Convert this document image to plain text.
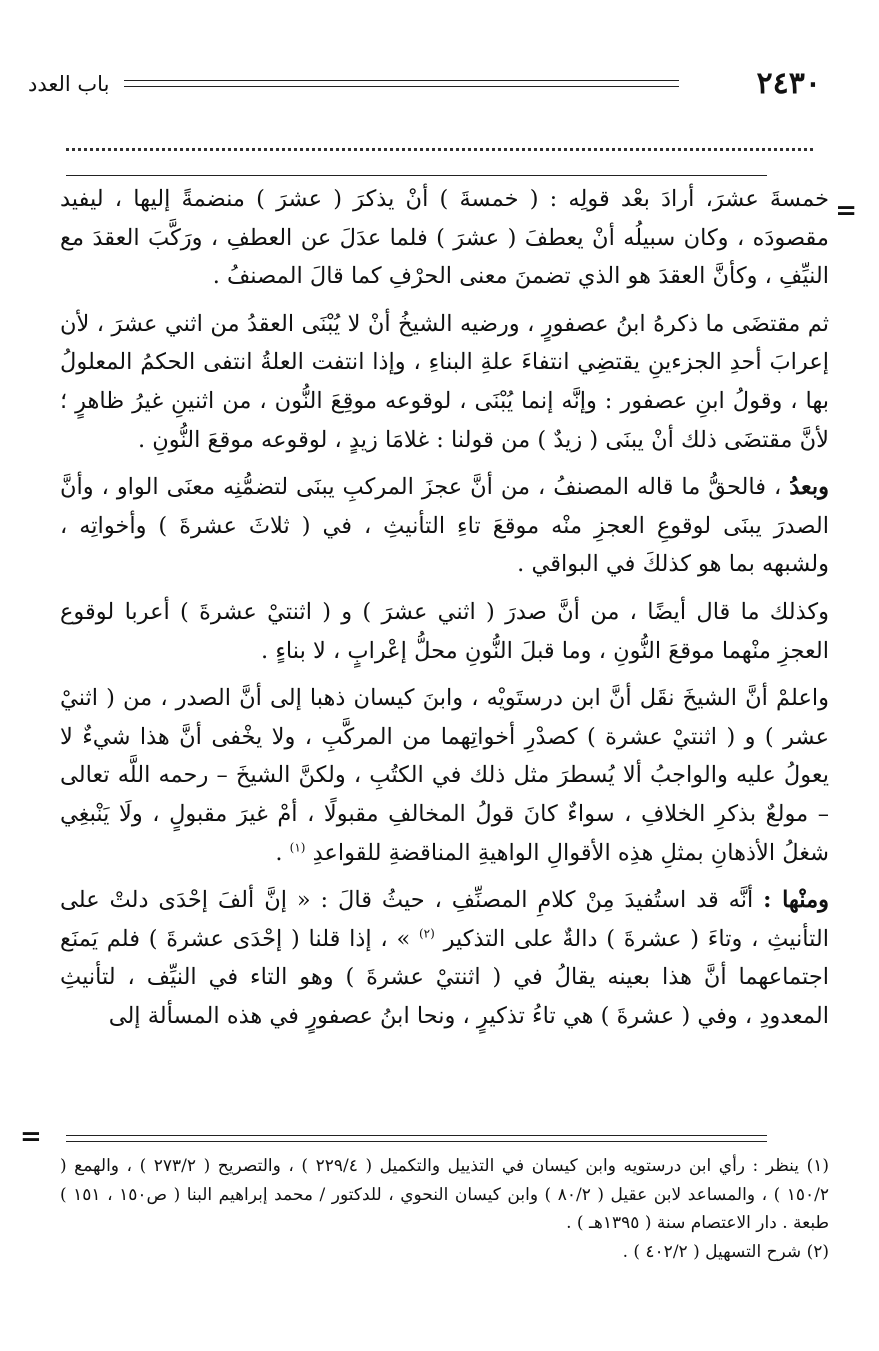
٢٤٣٠
باب العدد
=

خمسةَ عشرَ، أرادَ بعْد قولِه : ( خمسةَ ) أنْ يذكرَ ( عشرَ ) منضمةً إليها ، ليفيد مقصودَه ، وكان سبيلُه أنْ يعطفَ ( عشرَ ) فلما عدَلَ عن العطفِ ، ورَكَّبَ العقدَ مع النيِّفِ ، وكأنَّ العقدَ هو الذي تضمنَ معنى الحرْفِ كما قالَ المصنفُ .

ثم مقتضَى ما ذكرهُ ابنُ عصفورٍ ، ورضيه الشيخُ أنْ لا يُبْنَى العقدُ من اثني عشرَ ، لأن إعرابَ أحدِ الجزءينِ يقتضِي انتفاءَ علةِ البناءِ ، وإذا انتفت العلةُ انتفى الحكمُ المعلولُ بها ، وقولُ ابنِ عصفور : وإنَّه إنما يُبْنَى ، لوقوعه موقِعَ النُّون ، من اثنينِ غيرُ ظاهرٍ ؛ لأنَّ مقتضَى ذلك أنْ يبنَى ( زيدٌ ) من قولنا : غلامَا زيدٍ ، لوقوعه موقعَ النُّونِ .

وبعدُ ، فالحقُّ ما قاله المصنفُ ، من أنَّ عجزَ المركبِ يبنَى لتضمُّنِه معنَى الواو ، وأنَّ الصدرَ يبنَى لوقوعِ العجزِ منْه موقعَ تاءِ التأنيثِ ، في ( ثلاثَ عشرةَ ) وأخواتِه ، ولشبهه بما هو كذلكَ في البواقي .

وكذلك ما قال أيضًا ، من أنَّ صدرَ ( اثني عشرَ ) و ( اثنتيْ عشرةَ ) أعربا لوقوع العجزِ منْهما موقعَ النُّونِ ، وما قبلَ النُّونِ محلُّ إعْرابٍ ، لا بناءٍ .

واعلمْ أنَّ الشيخَ نقَل أنَّ ابن درستَويْه ، وابنَ كيسان ذهبا إلى أنَّ الصدر ، من ( اثنيْ عشر ) و ( اثنتيْ عشرة ) كصدْرِ أخواتِهما من المركَّبِ ، ولا يخْفى أنَّ هذا شيءٌ لا يعولُ عليه والواجبُ ألا يُسطرَ مثل ذلك في الكتُبِ ، ولكنَّ الشيخَ – رحمه اللَّه تعالى – مولعٌ بذكرِ الخلافِ ، سواءٌ كانَ قولُ المخالفِ مقبولًا ، أمْ غيرَ مقبولٍ ، ولَا يَنْبغِي شغلُ الأذهانِ بمثلِ هذِه الأقوالِ الواهيةِ المناقضةِ للقواعدِ $^{(١)}$ .

ومنْها : أنَّه قد استُفيدَ مِنْ كلامِ المصنِّفِ ، حيثُ قالَ : « إنَّ ألفَ إحْدَى دلتْ على التأنيثِ ، وتاءَ ( عشرةَ ) دالةٌ على التذكير $^{(٢)}$ » ، إذا قلنا ( إحْدَى عشرةَ ) فلم يَمنَع اجتماعهما أنَّ هذا بعينه يقالُ في ( اثنتيْ عشرةَ ) وهو التاء في النيِّف ، لتأنيثِ المعدودِ ، وفي ( عشرةَ ) هي تاءُ تذكيرٍ ، ونحا ابنُ عصفورٍ في هذه المسألة إلى

=

(١) ينظر : رأي ابن درستويه وابن كيسان في التذييل والتكميل ( ٢٢٩/٤ ) ، والتصريح ( ٢٧٣/٢ ) ، والهمع ( ١٥٠/٢ ) ، والمساعد لابن عقيل ( ٨٠/٢ ) وابن كيسان النحوي ، للدكتور / محمد إبراهيم البنا ( ص١٥٠ ، ١٥١ ) طبعة . دار الاعتصام سنة ( ١٣٩٥هـ ) .

(٢) شرح التسهيل ( ٤٠٢/٢ ) .
